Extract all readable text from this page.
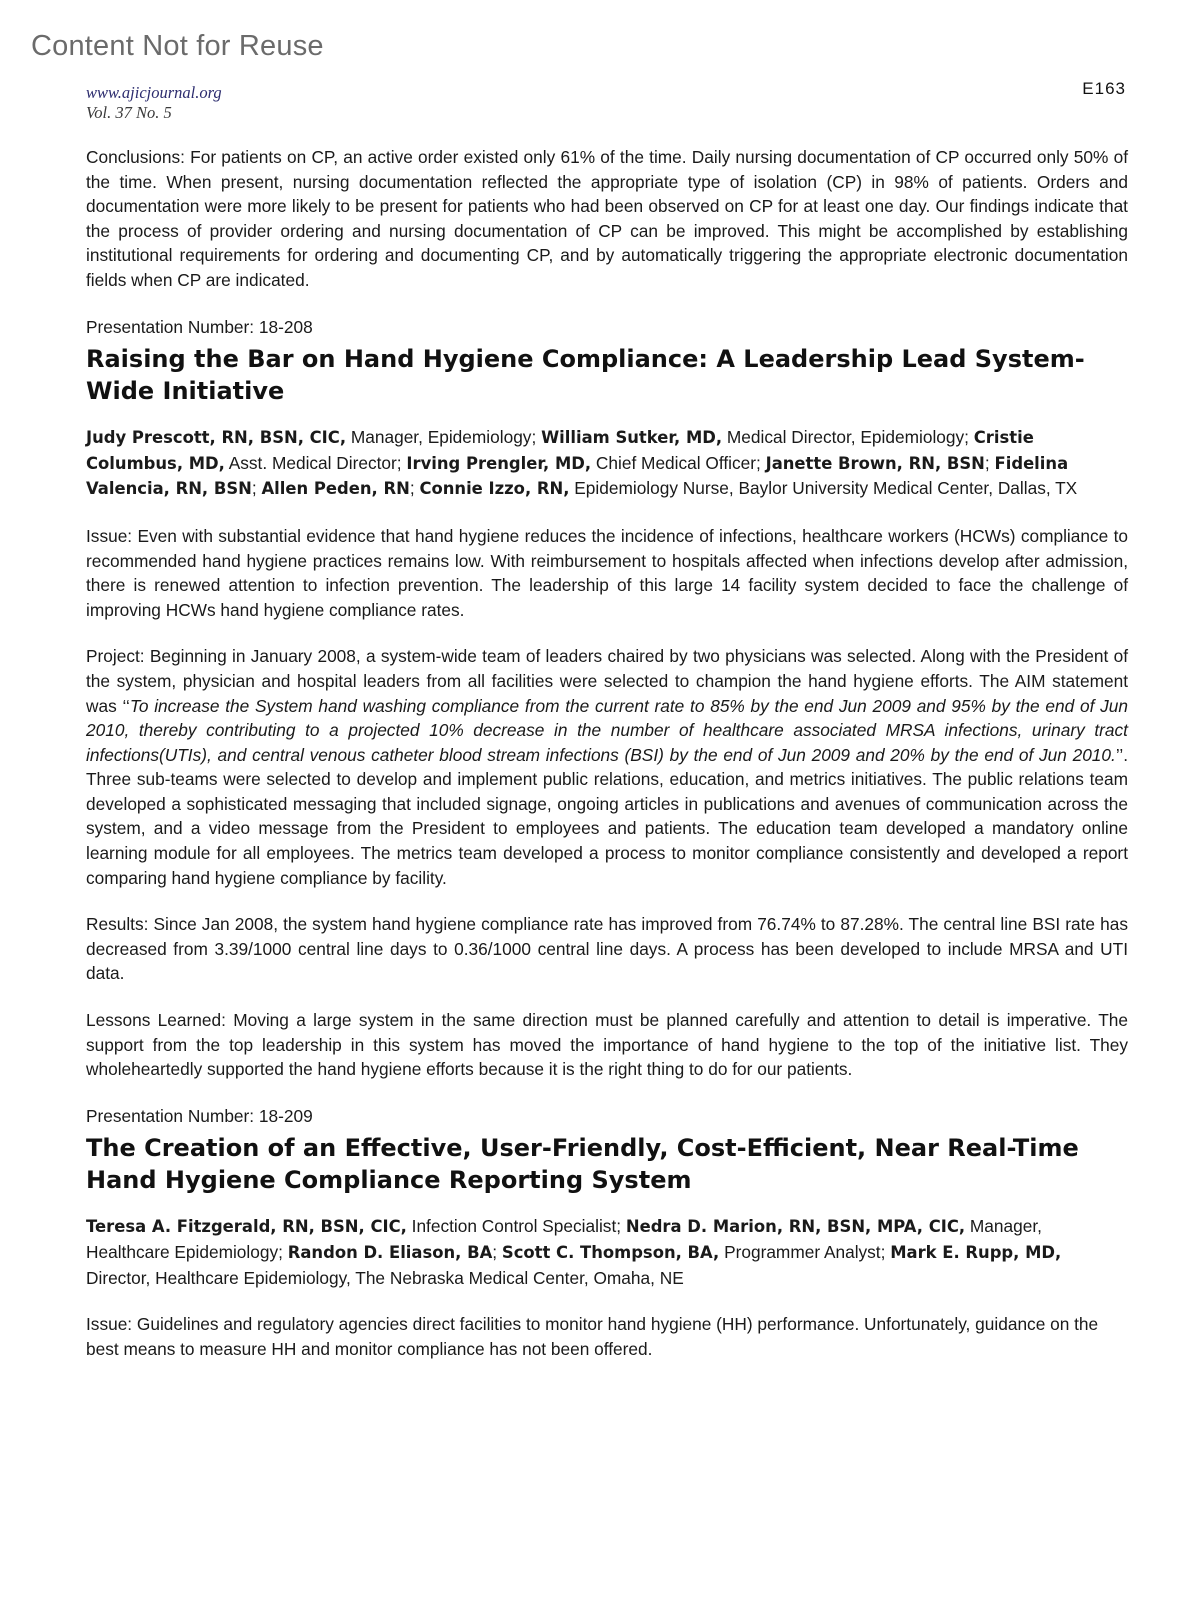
Content Not for Reuse
www.ajicjournal.org
Vol. 37 No. 5
E163

Conclusions: For patients on CP, an active order existed only 61% of the time. Daily nursing documentation of CP occurred only 50% of the time. When present, nursing documentation reflected the appropriate type of isolation (CP) in 98% of patients. Orders and documentation were more likely to be present for patients who had been observed on CP for at least one day. Our findings indicate that the process of provider ordering and nursing documentation of CP can be improved. This might be accomplished by establishing institutional requirements for ordering and documenting CP, and by automatically triggering the appropriate electronic documentation fields when CP are indicated.

Presentation Number: 18-208
Raising the Bar on Hand Hygiene Compliance: A Leadership Lead System-Wide Initiative
Judy Prescott, RN, BSN, CIC, Manager, Epidemiology; William Sutker, MD, Medical Director, Epidemiology; Cristie Columbus, MD, Asst. Medical Director; Irving Prengler, MD, Chief Medical Officer; Janette Brown, RN, BSN; Fidelina Valencia, RN, BSN; Allen Peden, RN; Connie Izzo, RN, Epidemiology Nurse, Baylor University Medical Center, Dallas, TX

Issue: Even with substantial evidence that hand hygiene reduces the incidence of infections, healthcare workers (HCWs) compliance to recommended hand hygiene practices remains low. With reimbursement to hospitals affected when infections develop after admission, there is renewed attention to infection prevention. The leadership of this large 14 facility system decided to face the challenge of improving HCWs hand hygiene compliance rates.

Project: Beginning in January 2008, a system-wide team of leaders chaired by two physicians was selected. Along with the President of the system, physician and hospital leaders from all facilities were selected to champion the hand hygiene efforts. The AIM statement was ‘‘To increase the System hand washing compliance from the current rate to 85% by the end Jun 2009 and 95% by the end of Jun 2010, thereby contributing to a projected 10% decrease in the number of healthcare associated MRSA infections, urinary tract infections(UTIs), and central venous catheter blood stream infections (BSI) by the end of Jun 2009 and 20% by the end of Jun 2010.’’. Three sub-teams were selected to develop and implement public relations, education, and metrics initiatives. The public relations team developed a sophisticated messaging that included signage, ongoing articles in publications and avenues of communication across the system, and a video message from the President to employees and patients. The education team developed a mandatory online learning module for all employees. The metrics team developed a process to monitor compliance consistently and developed a report comparing hand hygiene compliance by facility.

Results: Since Jan 2008, the system hand hygiene compliance rate has improved from 76.74% to 87.28%. The central line BSI rate has decreased from 3.39/1000 central line days to 0.36/1000 central line days. A process has been developed to include MRSA and UTI data.

Lessons Learned: Moving a large system in the same direction must be planned carefully and attention to detail is imperative. The support from the top leadership in this system has moved the importance of hand hygiene to the top of the initiative list. They wholeheartedly supported the hand hygiene efforts because it is the right thing to do for our patients.

Presentation Number: 18-209
The Creation of an Effective, User-Friendly, Cost-Efficient, Near Real-Time Hand Hygiene Compliance Reporting System
Teresa A. Fitzgerald, RN, BSN, CIC, Infection Control Specialist; Nedra D. Marion, RN, BSN, MPA, CIC, Manager, Healthcare Epidemiology; Randon D. Eliason, BA; Scott C. Thompson, BA, Programmer Analyst; Mark E. Rupp, MD, Director, Healthcare Epidemiology, The Nebraska Medical Center, Omaha, NE

Issue: Guidelines and regulatory agencies direct facilities to monitor hand hygiene (HH) performance. Unfortunately, guidance on the best means to measure HH and monitor compliance has not been offered.
